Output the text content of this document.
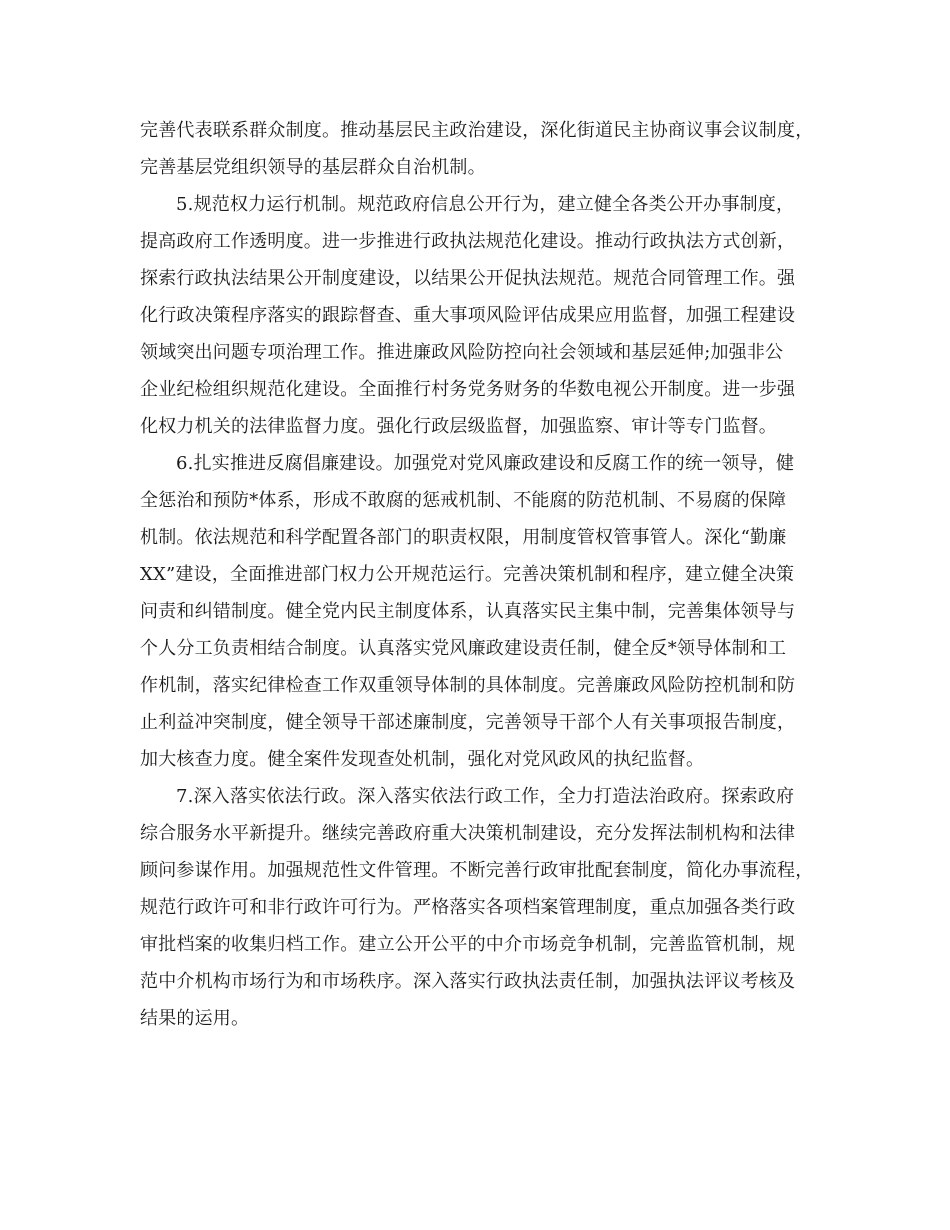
完善代表联系群众制度。推动基层民主政治建设，深化街道民主协商议事会议制度，
完善基层党组织领导的基层群众自治机制。
5.规范权力运行机制。规范政府信息公开行为，建立健全各类公开办事制度，
提高政府工作透明度。进一步推进行政执法规范化建设。推动行政执法方式创新，
探索行政执法结果公开制度建设，以结果公开促执法规范。规范合同管理工作。强
化行政决策程序落实的跟踪督查、重大事项风险评估成果应用监督，加强工程建设
领域突出问题专项治理工作。推进廉政风险防控向社会领域和基层延伸;加强非公
企业纪检组织规范化建设。全面推行村务党务财务的华数电视公开制度。进一步强
化权力机关的法律监督力度。强化行政层级监督，加强监察、审计等专门监督。
6.扎实推进反腐倡廉建设。加强党对党风廉政建设和反腐工作的统一领导，健
全惩治和预防*体系，形成不敢腐的惩戒机制、不能腐的防范机制、不易腐的保障
机制。依法规范和科学配置各部门的职责权限，用制度管权管事管人。深化“勤廉
XX”建设，全面推进部门权力公开规范运行。完善决策机制和程序，建立健全决策
问责和纠错制度。健全党内民主制度体系，认真落实民主集中制，完善集体领导与
个人分工负责相结合制度。认真落实党风廉政建设责任制，健全反*领导体制和工
作机制，落实纪律检查工作双重领导体制的具体制度。完善廉政风险防控机制和防
止利益冲突制度，健全领导干部述廉制度，完善领导干部个人有关事项报告制度，
加大核查力度。健全案件发现查处机制，强化对党风政风的执纪监督。
7.深入落实依法行政。深入落实依法行政工作，全力打造法治政府。探索政府
综合服务水平新提升。继续完善政府重大决策机制建设，充分发挥法制机构和法律
顾问参谋作用。加强规范性文件管理。不断完善行政审批配套制度，简化办事流程，
规范行政许可和非行政许可行为。严格落实各项档案管理制度，重点加强各类行政
审批档案的收集归档工作。建立公开公平的中介市场竞争机制，完善监管机制，规
范中介机构市场行为和市场秩序。深入落实行政执法责任制，加强执法评议考核及
结果的运用。
